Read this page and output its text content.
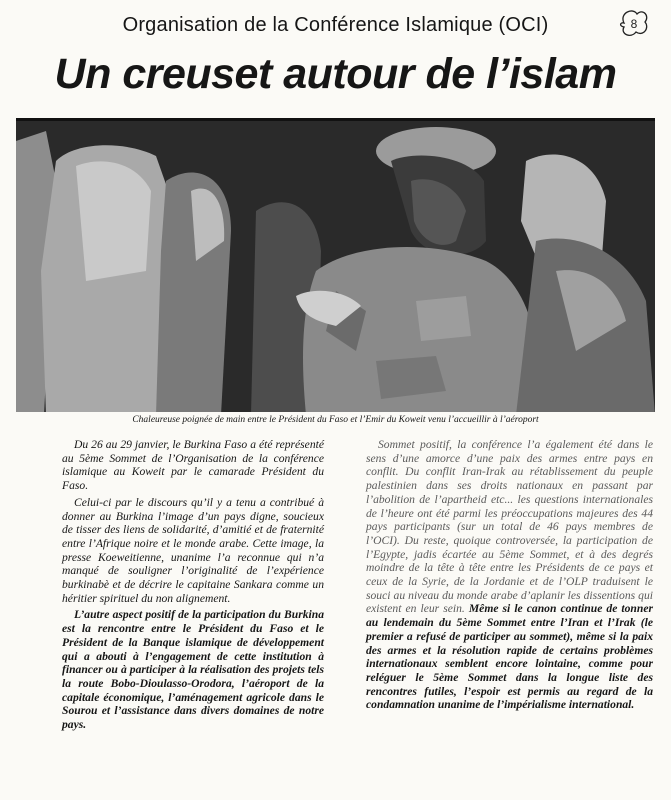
Organisation de la Conférence Islamique (OCI)	8
Un creuset autour de l’islam
Chaleureuse poignée de main entre le Président du Faso et l’Emir du Koweit venu l’accueillir à l’aéroport

Du 26 au 29 janvier, le Burkina Faso a été représenté au 5ème Sommet de l’Organisation de la conférence islamique au Koweit par le camarade Président du Faso.

Celui-ci par le discours qu’il y a tenu a contribué à donner au Burkina l’image d’un pays digne, soucieux de tisser des liens de solidarité, d’amitié et de fraternité entre l’Afrique noire et le monde arabe. Cette image, la presse Koeweitienne, unanime l’a reconnue qui n’a manqué de souligner l’originalité de l’expérience burkinabè et de décrire le capitaine Sankara comme un héritier spirituel du non alignement.

L’autre aspect positif de la participation du Burkina est la rencontre entre le Président du Faso et le Président de la Banque islamique de développement qui a abouti à l’engagement de cette institution à financer ou à participer à la réalisation des projets tels la route Bobo-Dioulasso-Orodora, l’aéroport de la capitale économique, l’aménagement agricole dans le Sourou et l’assistance dans divers domaines de notre pays.

Sommet positif, la conférence l’a également été dans le sens d’une amorce d’une paix des armes entre pays en conflit. Du conflit Iran-Irak au rétablissement du peuple palestinien dans ses droits nationaux en passant par l’abolition de l’apartheid etc... les questions internationales de l’heure ont été parmi les préoccupations majeures des 44 pays participants (sur un total de 46 pays membres de l’OCI). Du reste, quoique controversée, la participation de l’Egypte, jadis écartée au 5ème Sommet, et à des degrés moindre de la tête à tête entre les Présidents de ce pays et ceux de la Syrie, de la Jordanie et de l’OLP traduisent le souci au niveau du monde arabe d’aplanir les dissentions qui existent en leur sein. Même si le canon continue de tonner au lendemain du 5ème Sommet entre l’Iran et l’Irak (le premier a refusé de participer au sommet), même si la paix des armes et la résolution rapide de certains problèmes internationaux semblent encore lointaine, comme pour reléguer le 5ème Sommet dans la longue liste des rencontres futiles, l’espoir est permis au regard de la condamnation unanime de l’impérialisme international.
